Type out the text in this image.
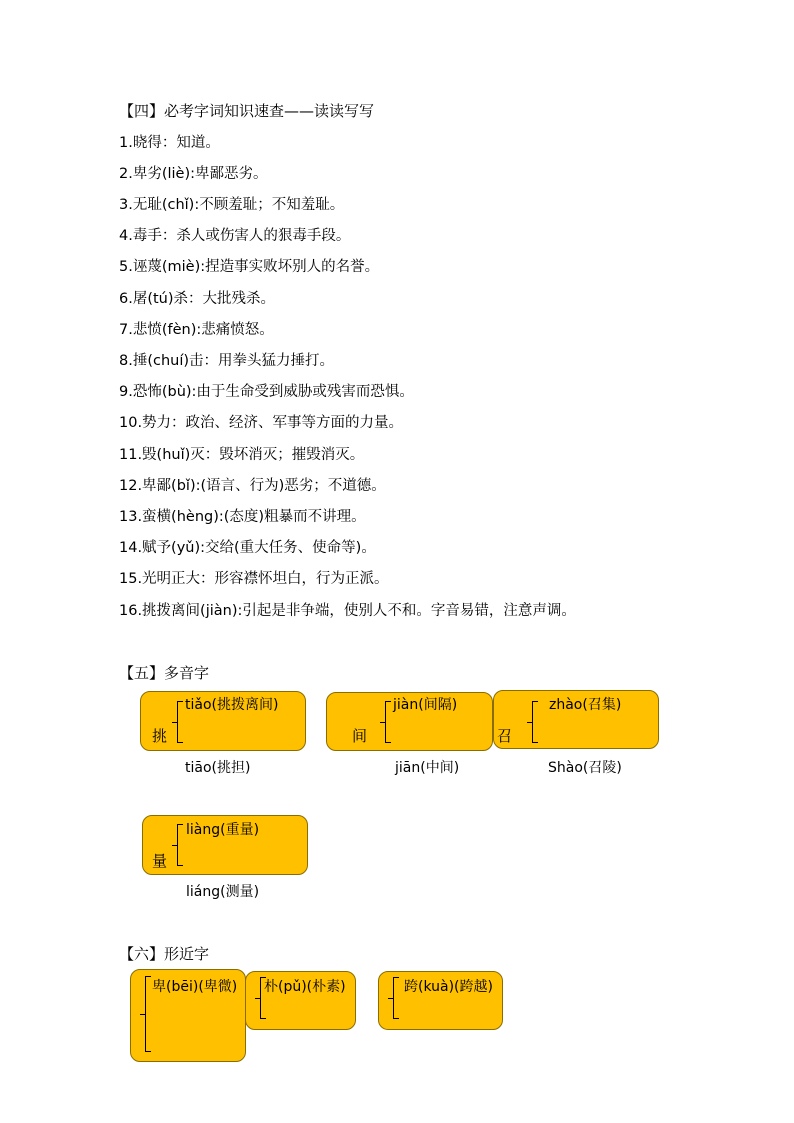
【四】必考字词知识速查——读读写写
1.晓得：知道。
2.卑劣(liè):卑鄙恶劣。
3.无耻(chǐ):不顾羞耻；不知羞耻。
4.毒手：杀人或伤害人的狠毒手段。
5.诬蔑(miè):捏造事实败坏别人的名誉。
6.屠(tú)杀：大批残杀。
7.悲愤(fèn):悲痛愤怒。
8.捶(chuí)击：用拳头猛力捶打。
9.恐怖(bù):由于生命受到威胁或残害而恐惧。
10.势力：政治、经济、军事等方面的力量。
11.毁(huǐ)灭：毁坏消灭；摧毁消灭。
12.卑鄙(bǐ):(语言、行为)恶劣；不道德。
13.蛮横(hèng):(态度)粗暴而不讲理。
14.赋予(yǔ):交给(重大任务、使命等)。
15.光明正大：形容襟怀坦白，行为正派。
16.挑拨离间(jiàn):引起是非争端，使别人不和。字音易错，注意声调。
【五】多音字
挑
tiǎo(挑拨离间)
tiāo(挑担)
间
jiàn(间隔)
jiān(中间)
召
zhào(召集)
Shào(召陵)
量
liàng(重量)
liáng(测量)
【六】形近字
卑(bēi)(卑微) 朴(pǔ)(朴素)	跨(kuà)(跨越)
